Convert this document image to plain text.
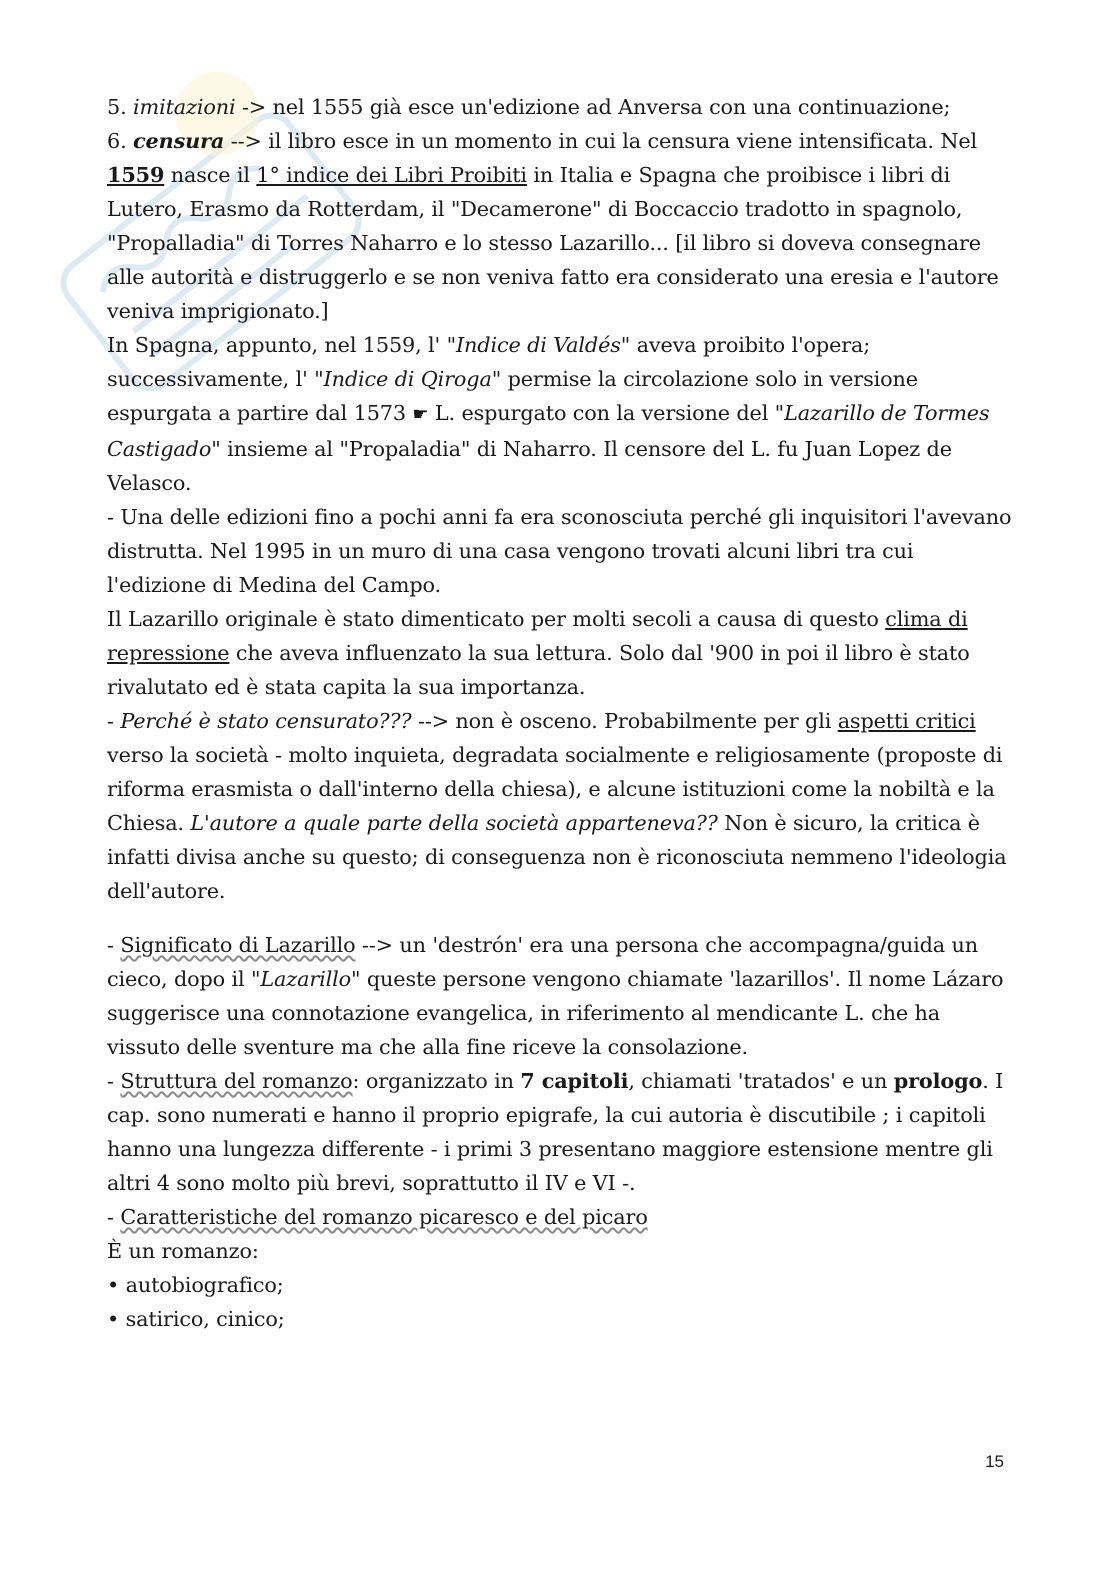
5. imitazioni -> nel 1555 già esce un'edizione ad Anversa con una continuazione;

6. censura --> il libro esce in un momento in cui la censura viene intensificata. Nel 1559 nasce il 1° indice dei Libri Proibiti in Italia e Spagna che proibisce i libri di Lutero, Erasmo da Rotterdam, il "Decamerone" di Boccaccio tradotto in spagnolo, "Propalladia" di Torres Naharro e lo stesso Lazarillo... [il libro si doveva consegnare alle autorità e distruggerlo e se non veniva fatto era considerato una eresia e l'autore veniva imprigionato.]

In Spagna, appunto, nel 1559, l' "Indice di Valdés" aveva proibito l'opera; successivamente, l' "Indice di Qiroga" permise la circolazione solo in versione espurgata a partire dal 1573 ☛ L. espurgato con la versione del "Lazarillo de Tormes Castigado" insieme al "Propaladia" di Naharro. Il censore del L. fu Juan Lopez de Velasco.

- Una delle edizioni fino a pochi anni fa era sconosciuta perché gli inquisitori l'avevano distrutta. Nel 1995 in un muro di una casa vengono trovati alcuni libri tra cui l'edizione di Medina del Campo.

Il Lazarillo originale è stato dimenticato per molti secoli a causa di questo clima di repressione che aveva influenzato la sua lettura. Solo dal '900 in poi il libro è stato rivalutato ed è stata capita la sua importanza.

- Perché è stato censurato??? --> non è osceno. Probabilmente per gli aspetti critici verso la società - molto inquieta, degradata socialmente e religiosamente (proposte di riforma erasmista o dall'interno della chiesa), e alcune istituzioni come la nobiltà e la Chiesa. L'autore a quale parte della società apparteneva?? Non è sicuro, la critica è infatti divisa anche su questo; di conseguenza non è riconosciuta nemmeno l'ideologia dell'autore.

- Significato di Lazarillo --> un 'destrón' era una persona che accompagna/guida un cieco, dopo il "Lazarillo" queste persone vengono chiamate 'lazarillos'. Il nome Lázaro suggerisce una connotazione evangelica, in riferimento al mendicante L. che ha vissuto delle sventure ma che alla fine riceve la consolazione.

- Struttura del romanzo: organizzato in 7 capitoli, chiamati 'tratados' e un prologo. I cap. sono numerati e hanno il proprio epigrafe, la cui autoria è discutibile ; i capitoli hanno una lungezza differente - i primi 3 presentano maggiore estensione mentre gli altri 4 sono molto più brevi, soprattutto il IV e VI -.

- Caratteristiche del romanzo picaresco e del picaro

È un romanzo:

• autobiografico;

• satirico, cinico;

15
